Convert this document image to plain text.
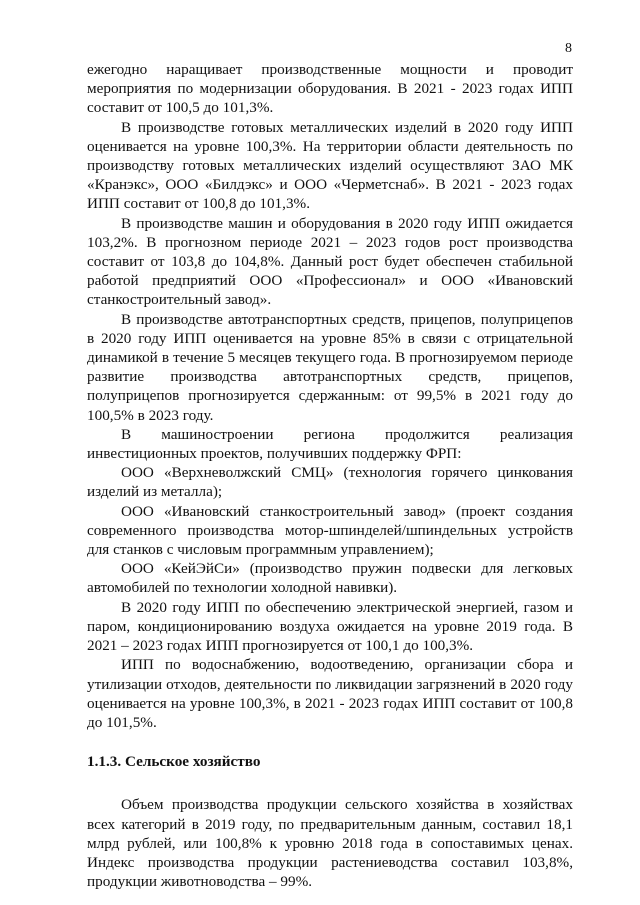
8

ежегодно наращивает производственные мощности и проводит мероприятия по модернизации оборудования. В 2021 - 2023 годах ИПП составит от 100,5 до 101,3%.

В производстве готовых металлических изделий в 2020 году ИПП оценивается на уровне 100,3%. На территории области деятельность по производству готовых металлических изделий осуществляют ЗАО МК «Кранэкс», ООО «Билдэкс» и ООО «Черметснаб». В 2021 - 2023 годах ИПП составит от 100,8 до 101,3%.

В производстве машин и оборудования в 2020 году ИПП ожидается 103,2%. В прогнозном периоде 2021 – 2023 годов рост производства составит от 103,8 до 104,8%. Данный рост будет обеспечен стабильной работой предприятий ООО «Профессионал» и ООО «Ивановский станкостроительный завод».

В производстве автотранспортных средств, прицепов, полуприцепов в 2020 году ИПП оценивается на уровне 85% в связи с отрицательной динамикой в течение 5 месяцев текущего года. В прогнозируемом периоде развитие производства автотранспортных средств, прицепов, полуприцепов прогнозируется сдержанным: от 99,5% в 2021 году до 100,5% в 2023 году.

В машиностроении региона продолжится реализация инвестиционных проектов, получивших поддержку ФРП:

ООО «Верхневолжский СМЦ» (технология горячего цинкования изделий из металла);

ООО «Ивановский станкостроительный завод» (проект создания современного производства мотор-шпинделей/шпиндельных устройств для станков с числовым программным управлением);

ООО «КейЭйСи» (производство пружин подвески для легковых автомобилей по технологии холодной навивки).

В 2020 году ИПП по обеспечению электрической энергией, газом и паром, кондиционированию воздуха ожидается на уровне 2019 года. В 2021 – 2023 годах ИПП прогнозируется от 100,1 до 100,3%.

ИПП по водоснабжению, водоотведению, организации сбора и утилизации отходов, деятельности по ликвидации загрязнений в 2020 году оценивается на уровне 100,3%, в 2021 - 2023 годах ИПП составит от 100,8 до 101,5%.

1.1.3. Сельское хозяйство

Объем производства продукции сельского хозяйства в хозяйствах всех категорий в 2019 году, по предварительным данным, составил 18,1 млрд рублей, или 100,8% к уровню 2018 года в сопоставимых ценах. Индекс производства продукции растениеводства составил 103,8%, продукции животноводства – 99%.
